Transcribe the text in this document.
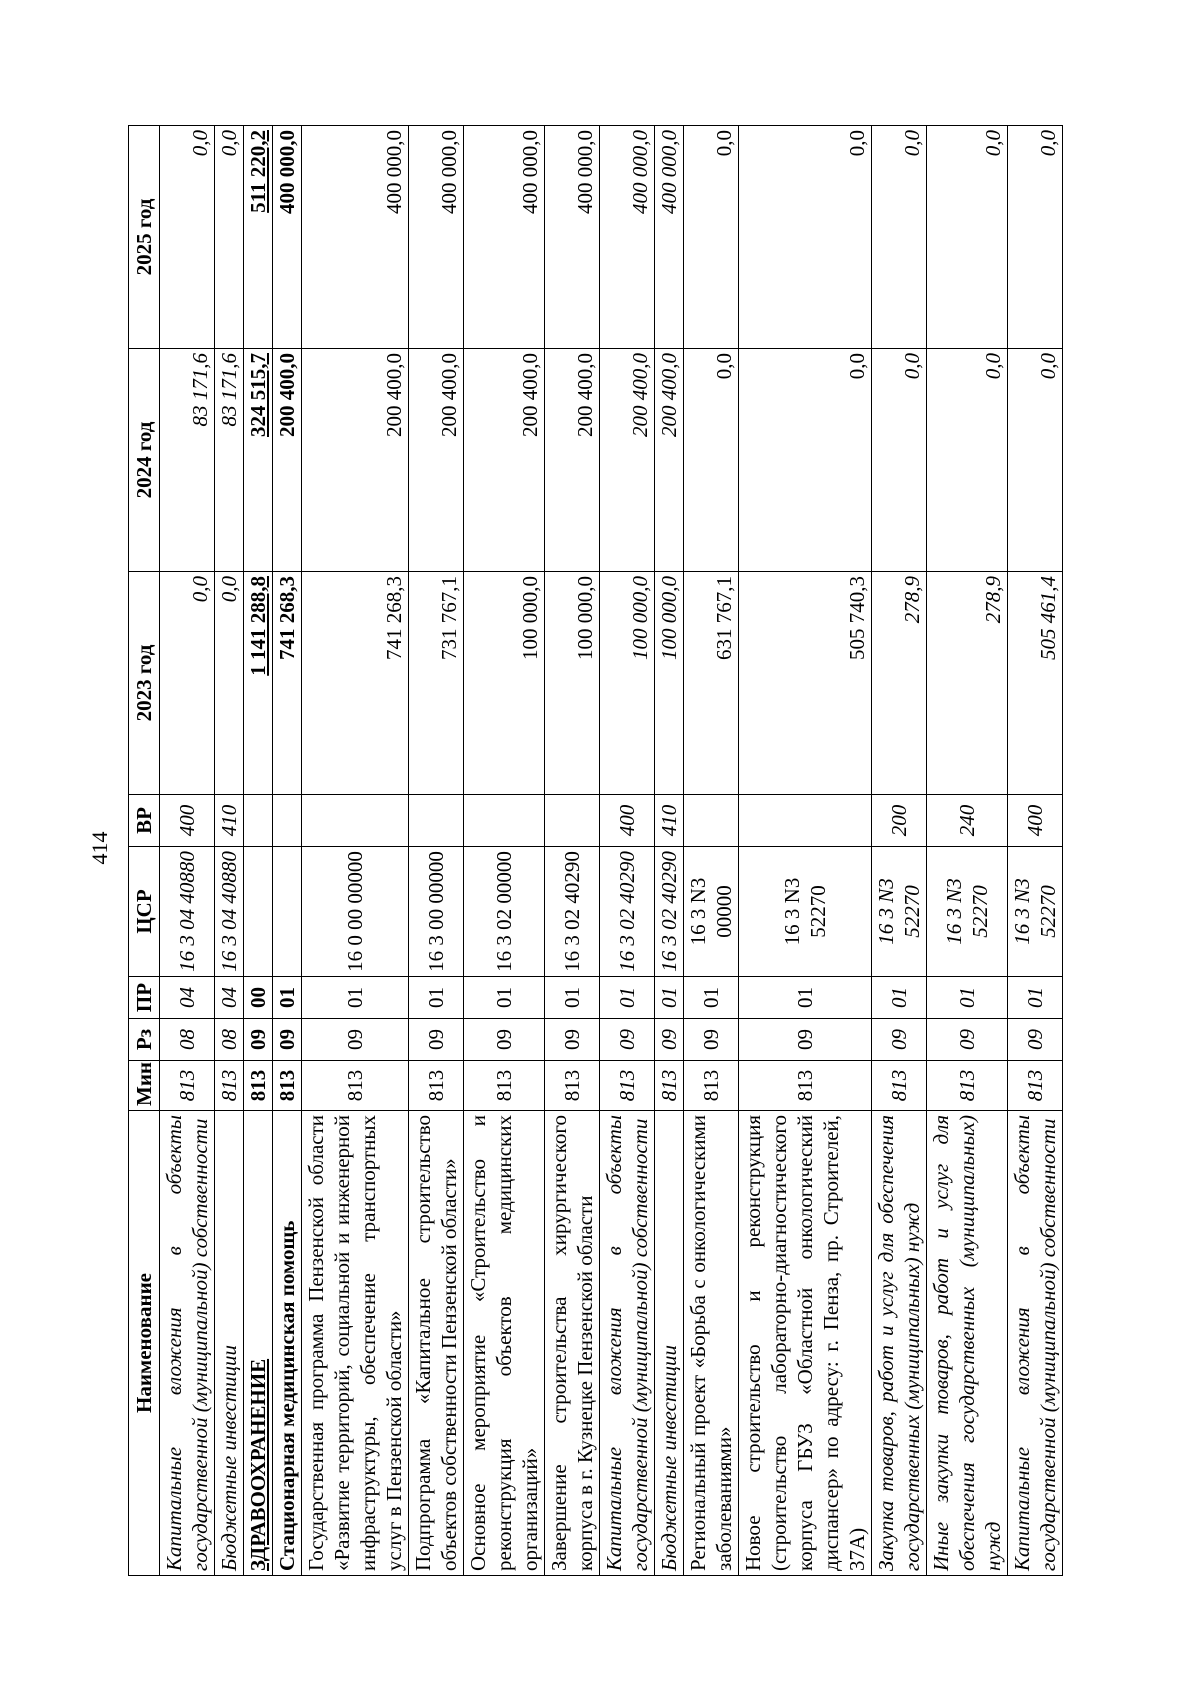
414
Наименование	Мин	Рз	ПР	ЦСР	ВР	2023 год	2024 год	2025 год
Капитальные вложения в объекты государственной (муниципальной) собственности	813	08	04	16 3 04 40880	400	0,0	83 171,6	0,0
Бюджетные инвестиции	813	08	04	16 3 04 40880	410	0,0	83 171,6	0,0
ЗДРАВООХРАНЕНИЕ	813	09	00			1 141 288,8	324 515,7	511 220,2
Стационарная медицинская помощь	813	09	01			741 268,3	200 400,0	400 000,0
Государственная программа Пензенской области «Развитие территорий, социальной и инженерной инфраструктуры, обеспечение транспортных услуг в Пензенской области»	813	09	01	16 0 00 00000		741 268,3	200 400,0	400 000,0
Подпрограмма «Капитальное строительство объектов собственности Пензенской области»	813	09	01	16 3 00 00000		731 767,1	200 400,0	400 000,0
Основное мероприятие «Строительство и реконструкция объектов медицинских организаций»	813	09	01	16 3 02 00000		100 000,0	200 400,0	400 000,0
Завершение строительства хирургического корпуса в г. Кузнецке Пензенской области	813	09	01	16 3 02 40290		100 000,0	200 400,0	400 000,0
Капитальные вложения в объекты государственной (муниципальной) собственности	813	09	01	16 3 02 40290	400	100 000,0	200 400,0	400 000,0
Бюджетные инвестиции	813	09	01	16 3 02 40290	410	100 000,0	200 400,0	400 000,0
Региональный проект «Борьба с онкологическими заболеваниями»	813	09	01	16 3 N3 00000		631 767,1	0,0	0,0
Новое строительство и реконструкция (строительство лабораторно-диагностического корпуса ГБУЗ «Областной онкологический диспансер» по адресу: г. Пенза, пр. Строителей, 37А)	813	09	01	16 3 N3 52270		505 740,3	0,0	0,0
Закупка товаров, работ и услуг для обеспечения государственных (муниципальных) нужд	813	09	01	16 3 N3 52270	200	278,9	0,0	0,0
Иные закупки товаров, работ и услуг для обеспечения государственных (муниципальных) нужд	813	09	01	16 3 N3 52270	240	278,9	0,0	0,0
Капитальные вложения в объекты государственной (муниципальной) собственности	813	09	01	16 3 N3 52270	400	505 461,4	0,0	0,0
